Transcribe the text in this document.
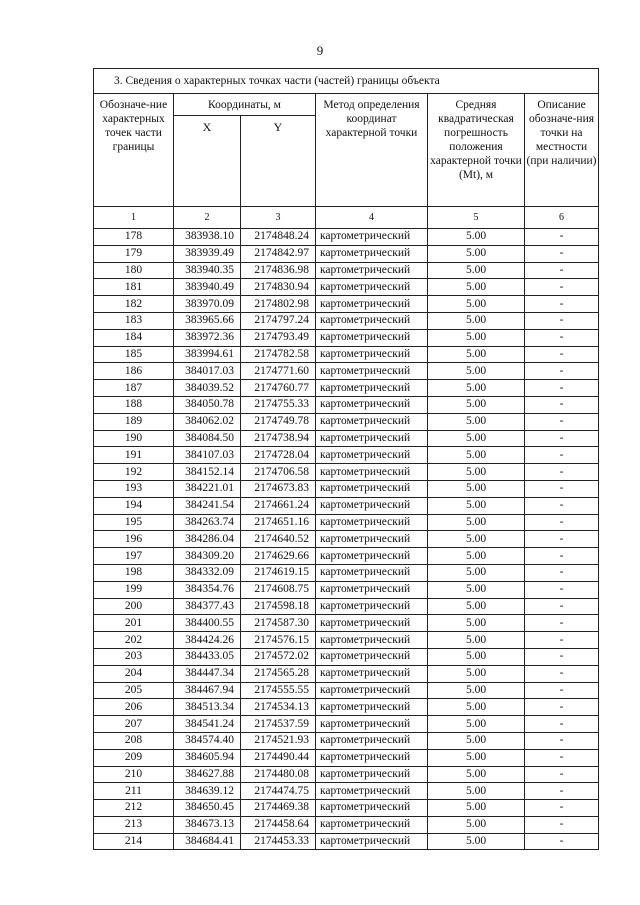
9
3. Сведения о характерных точках части (частей) границы объекта					
Обозначе-ние характерных точек части границы	Координаты, м		Метод определения координат характерной точки	Средняя квадратическая погрешность положения характерной точки (Mt), м	Описание обозначе-ния точки на местности (при наличии)
	X	Y			
1	2	3	4	5	6
178	383938.10	2174848.24	картометрический	5.00	-
179	383939.49	2174842.97	картометрический	5.00	-
180	383940.35	2174836.98	картометрический	5.00	-
181	383940.49	2174830.94	картометрический	5.00	-
182	383970.09	2174802.98	картометрический	5.00	-
183	383965.66	2174797.24	картометрический	5.00	-
184	383972.36	2174793.49	картометрический	5.00	-
185	383994.61	2174782.58	картометрический	5.00	-
186	384017.03	2174771.60	картометрический	5.00	-
187	384039.52	2174760.77	картометрический	5.00	-
188	384050.78	2174755.33	картометрический	5.00	-
189	384062.02	2174749.78	картометрический	5.00	-
190	384084.50	2174738.94	картометрический	5.00	-
191	384107.03	2174728.04	картометрический	5.00	-
192	384152.14	2174706.58	картометрический	5.00	-
193	384221.01	2174673.83	картометрический	5.00	-
194	384241.54	2174661.24	картометрический	5.00	-
195	384263.74	2174651.16	картометрический	5.00	-
196	384286.04	2174640.52	картометрический	5.00	-
197	384309.20	2174629.66	картометрический	5.00	-
198	384332.09	2174619.15	картометрический	5.00	-
199	384354.76	2174608.75	картометрический	5.00	-
200	384377.43	2174598.18	картометрический	5.00	-
201	384400.55	2174587.30	картометрический	5.00	-
202	384424.26	2174576.15	картометрический	5.00	-
203	384433.05	2174572.02	картометрический	5.00	-
204	384447.34	2174565.28	картометрический	5.00	-
205	384467.94	2174555.55	картометрический	5.00	-
206	384513.34	2174534.13	картометрический	5.00	-
207	384541.24	2174537.59	картометрический	5.00	-
208	384574.40	2174521.93	картометрический	5.00	-
209	384605.94	2174490.44	картометрический	5.00	-
210	384627.88	2174480.08	картометрический	5.00	-
211	384639.12	2174474.75	картометрический	5.00	-
212	384650.45	2174469.38	картометрический	5.00	-
213	384673.13	2174458.64	картометрический	5.00	-
214	384684.41	2174453.33	картометрический	5.00	-
